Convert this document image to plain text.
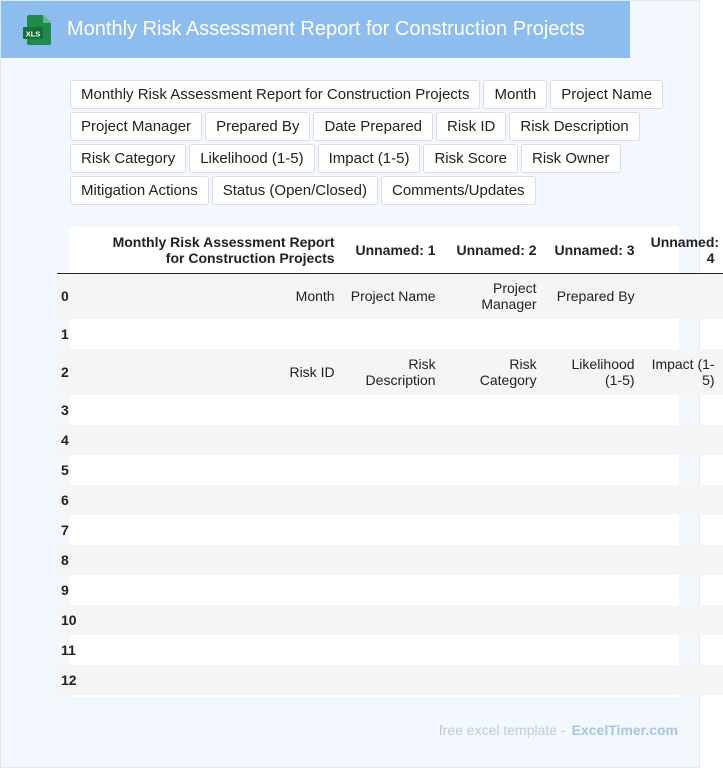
XLS Monthly Risk Assessment Report for Construction Projects
Monthly Risk Assessment Report for Construction Projects	Month	Project Name
Project Manager	Prepared By	Date Prepared	Risk ID	Risk Description
Risk Category	Likelihood (1-5)	Impact (1-5)	Risk Score	Risk Owner
Mitigation Actions	Status (Open/Closed)	Comments/Updates
	Monthly Risk Assessment Report for Construction Projects	Unnamed: 1	Unnamed: 2	Unnamed: 3	Unnamed: 4
0	Month	Project Name	Project Manager	Prepared By	
1					
2	Risk ID	Risk Description	Risk Category	Likelihood (1-5)	Impact (1-5)
3					
4					
5					
6					
7					
8					
9					
10					
11					
12					
free excel template - ExcelTimer.com
